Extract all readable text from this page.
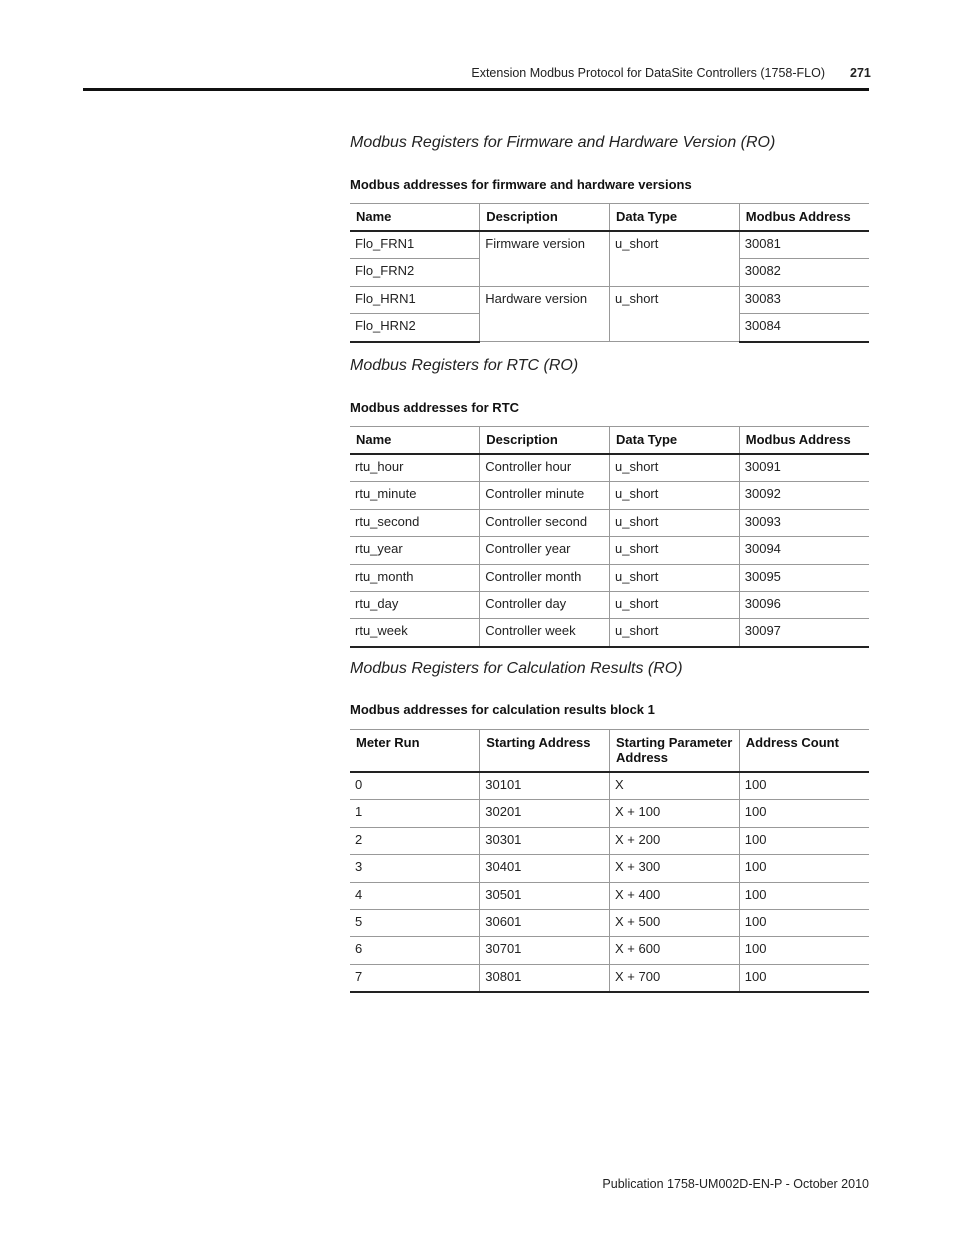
Extension Modbus Protocol for DataSite Controllers (1758-FLO) 271
Modbus Registers for Firmware and Hardware Version (RO)
Modbus addresses for firmware and hardware versions
Name	Description	Data Type	Modbus Address
Flo_FRN1	Firmware version	u_short	30081
Flo_FRN2			30082
Flo_HRN1	Hardware version	u_short	30083
Flo_HRN2			30084
Modbus Registers for RTC (RO)
Modbus addresses for RTC
Name	Description	Data Type	Modbus Address
rtu_hour	Controller hour	u_short	30091
rtu_minute	Controller minute	u_short	30092
rtu_second	Controller second	u_short	30093
rtu_year	Controller year	u_short	30094
rtu_month	Controller month	u_short	30095
rtu_day	Controller day	u_short	30096
rtu_week	Controller week	u_short	30097
Modbus Registers for Calculation Results (RO)
Modbus addresses for calculation results block 1
Meter Run	Starting Address	Starting Parameter Address	Address Count
0	30101	X	100
1	30201	X + 100	100
2	30301	X + 200	100
3	30401	X + 300	100
4	30501	X + 400	100
5	30601	X + 500	100
6	30701	X + 600	100
7	30801	X + 700	100
Publication 1758-UM002D-EN-P - October 2010
